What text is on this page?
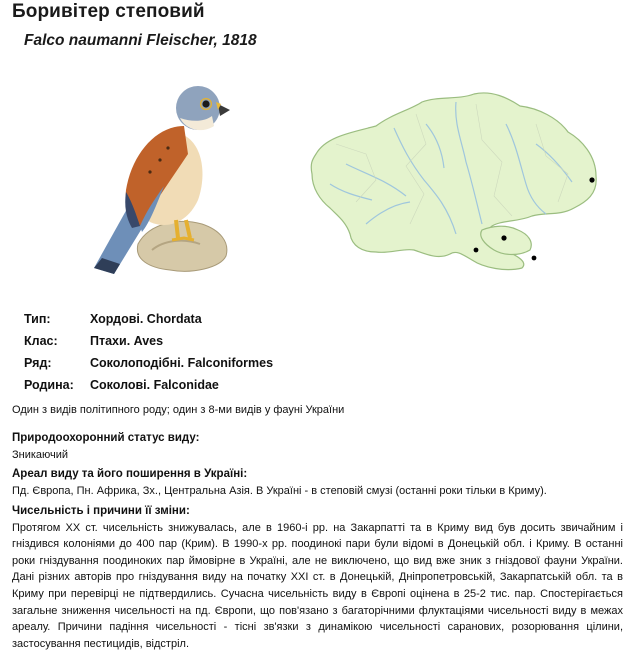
Боривітер степовий
Falco naumanni Fleischer, 1818
Тип:	Хордові. Chordata
Клас:	Птахи. Aves
Ряд:	Соколоподібні. Falconiformes
Родина:	Соколові. Falconidae
Один з видів політипного роду; один з 8-ми видів у фауні України
Природоохоронний статус виду:
Зникаючий
Ареал виду та його поширення в Україні:
Пд. Європа, Пн. Африка, Зх., Центральна Азія. В Україні - в степовій смузі (останні роки тільки в Криму).
Чисельність і причини її зміни:
Протягом XX ст. чисельність знижувалась, але в 1960-і рр. на Закарпатті та в Криму вид був досить звичайним і гніздився колоніями до 400 пар (Крим). В 1990-х рр. поодинокі пари були відомі в Донецькій обл. і Криму. В останні роки гніздування поодиноких пар ймовірне в Україні, але не виключено, що вид вже зник з гніздової фауни України. Дані різних авторів про гніздування виду на початку XXI ст. в Донецькій, Дніпропетровській, Закарпатській обл. та в Криму при перевірці не підтвердились. Сучасна чисельність виду в Європі оцінена в 25-2 тис. пар. Спостерігається загальне зниження чисельності на пд. Європи, що пов'язано з багаторічними флуктаціями чисельності виду в межах ареалу. Причини падіння чисельності - тісні зв'язки з динамікою чисельності саранових, розорювання цілини, застосування пестицидів, відстріл.
